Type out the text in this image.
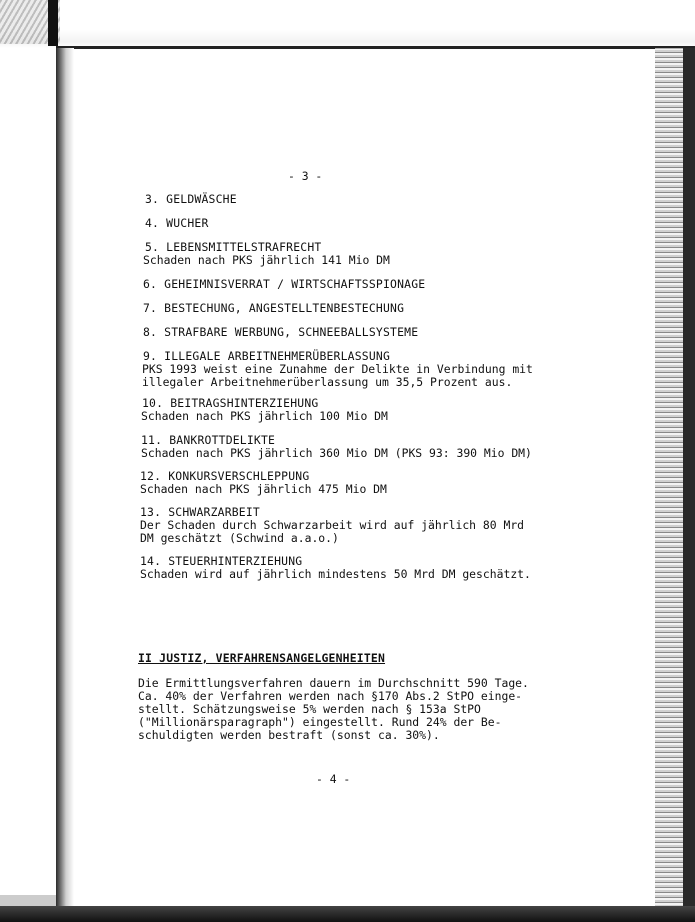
- 3 -
3. GELDWÄSCHE
4. WUCHER
5. LEBENSMITTELSTRAFRECHT
Schaden nach PKS jährlich 141 Mio DM
6. GEHEIMNISVERRAT / WIRTSCHAFTSSPIONAGE
7. BESTECHUNG, ANGESTELLTENBESTECHUNG
8. STRAFBARE WERBUNG, SCHNEEBALLSYSTEME
9. ILLEGALE ARBEITNEHMERÜBERLASSUNG
PKS 1993 weist eine Zunahme der Delikte in Verbindung mit
illegaler Arbeitnehmerüberlassung um 35,5 Prozent aus.
10. BEITRAGSHINTERZIEHUNG
Schaden nach PKS jährlich 100 Mio DM
11. BANKROTTDELIKTE
Schaden nach PKS jährlich 360 Mio DM (PKS 93: 390 Mio DM)
12. KONKURSVERSCHLEPPUNG
Schaden nach PKS jährlich 475 Mio DM
13. SCHWARZARBEIT
Der Schaden durch Schwarzarbeit wird auf jährlich 80 Mrd
DM geschätzt (Schwind a.a.o.)
14. STEUERHINTERZIEHUNG
Schaden wird auf jährlich mindestens 50 Mrd DM geschätzt.
II JUSTIZ, VERFAHRENSANGELGENHEITEN
Die Ermittlungsverfahren dauern im Durchschnitt 590 Tage.
Ca. 40% der Verfahren werden nach §170 Abs.2 StPO einge-
stellt. Schätzungsweise 5% werden nach § 153a StPO
("Millionärsparagraph") eingestellt. Rund 24% der Be-
schuldigten werden bestraft (sonst ca. 30%).
- 4 -
